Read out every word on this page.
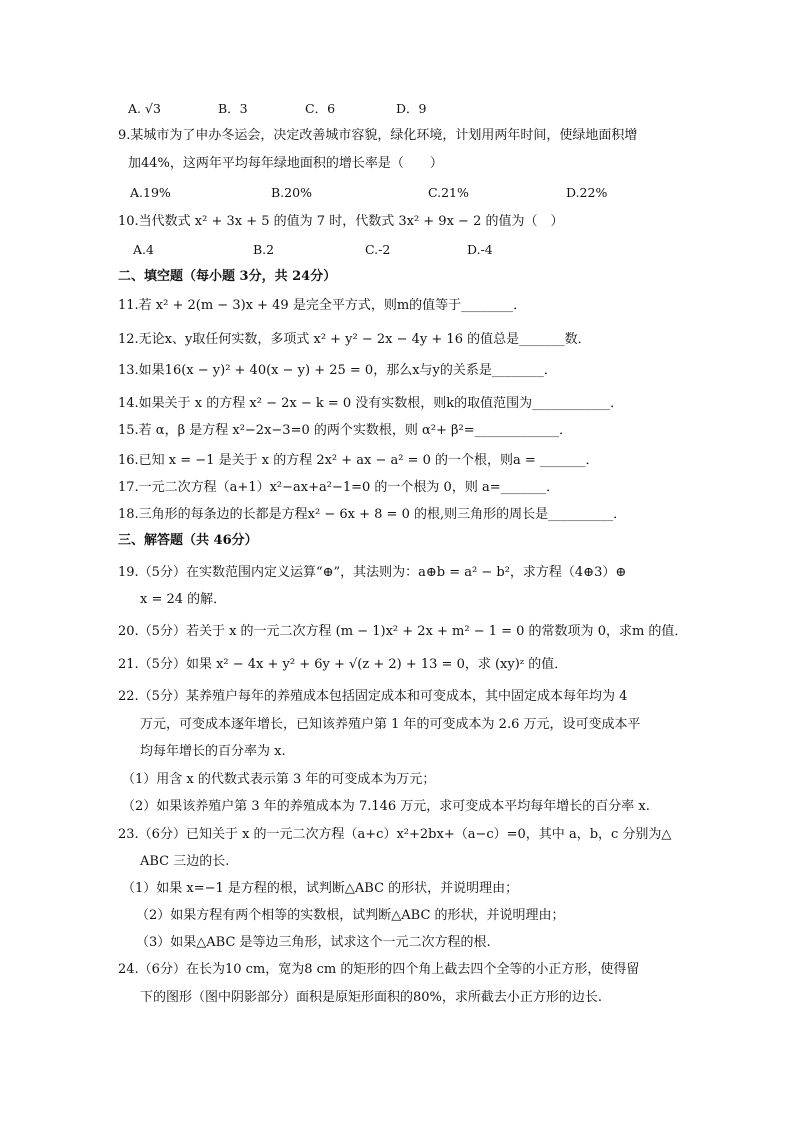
A. √3	B．3	C．6	D．9
9.某城市为了申办冬运会，决定改善城市容貌，绿化环境，计划用两年时间，使绿地面积增
加44%，这两年平均每年绿地面积的增长率是（　　）
A.19%	B.20%	C.21%	D.22%
10.当代数式 x² + 3x + 5 的值为 7 时，代数式 3x² + 9x − 2 的值为（　）
A.4	B.2	C.-2	D.-4
二、填空题（每小题 3分，共 24分）
11.若 x² + 2(m − 3)x + 49 是完全平方式，则m的值等于________．
12.无论x、y取任何实数，多项式 x² + y² − 2x − 4y + 16 的值总是_______数．
13.如果16(x − y)² + 40(x − y) + 25 = 0，那么x与y的关系是________．
14.如果关于 x 的方程 x² − 2x − k = 0 没有实数根，则k的取值范围为____________．
15.若 α，β 是方程 x²−2x−3=0 的两个实数根，则 α²+ β²=_____________．
16.已知 x = −1 是关于 x 的方程 2x² + ax − a² = 0 的一个根，则a = _______．
17.一元二次方程（a+1）x²−ax+a²−1=0 的一个根为 0，则 a=_______．
18.三角形的每条边的长都是方程x² − 6x + 8 = 0 的根,则三角形的周长是__________．
三、解答题（共 46分）
19.（5分）在实数范围内定义运算“⊕”，其法则为：a⊕b = a² − b²，求方程（4⊕3）⊕
x = 24 的解．
20.（5分）若关于 x 的一元二次方程 (m − 1)x² + 2x + m² − 1 = 0 的常数项为 0，求m 的值．
21.（5分）如果 x² − 4x + y² + 6y + √(z + 2) + 13 = 0，求 (xy)ᶻ 的值．
22.（5分）某养殖户每年的养殖成本包括固定成本和可变成本，其中固定成本每年均为 4
万元，可变成本逐年增长，已知该养殖户第 1 年的可变成本为 2.6 万元，设可变成本平
均每年增长的百分率为 x.
（1）用含 x 的代数式表示第 3 年的可变成本为万元；
（2）如果该养殖户第 3 年的养殖成本为 7.146 万元，求可变成本平均每年增长的百分率 x.
23.（6分）已知关于 x 的一元二次方程（a+c）x²+2bx+（a−c）=0，其中 a，b，c 分别为△
ABC 三边的长.
（1）如果 x=−1 是方程的根，试判断△ABC 的形状，并说明理由；
（2）如果方程有两个相等的实数根，试判断△ABC 的形状，并说明理由；
（3）如果△ABC 是等边三角形，试求这个一元二次方程的根.
24.（6分）在长为10 cm，宽为8 cm 的矩形的四个角上截去四个全等的小正方形，使得留
下的图形（图中阴影部分）面积是原矩形面积的80%，求所截去小正方形的边长.
